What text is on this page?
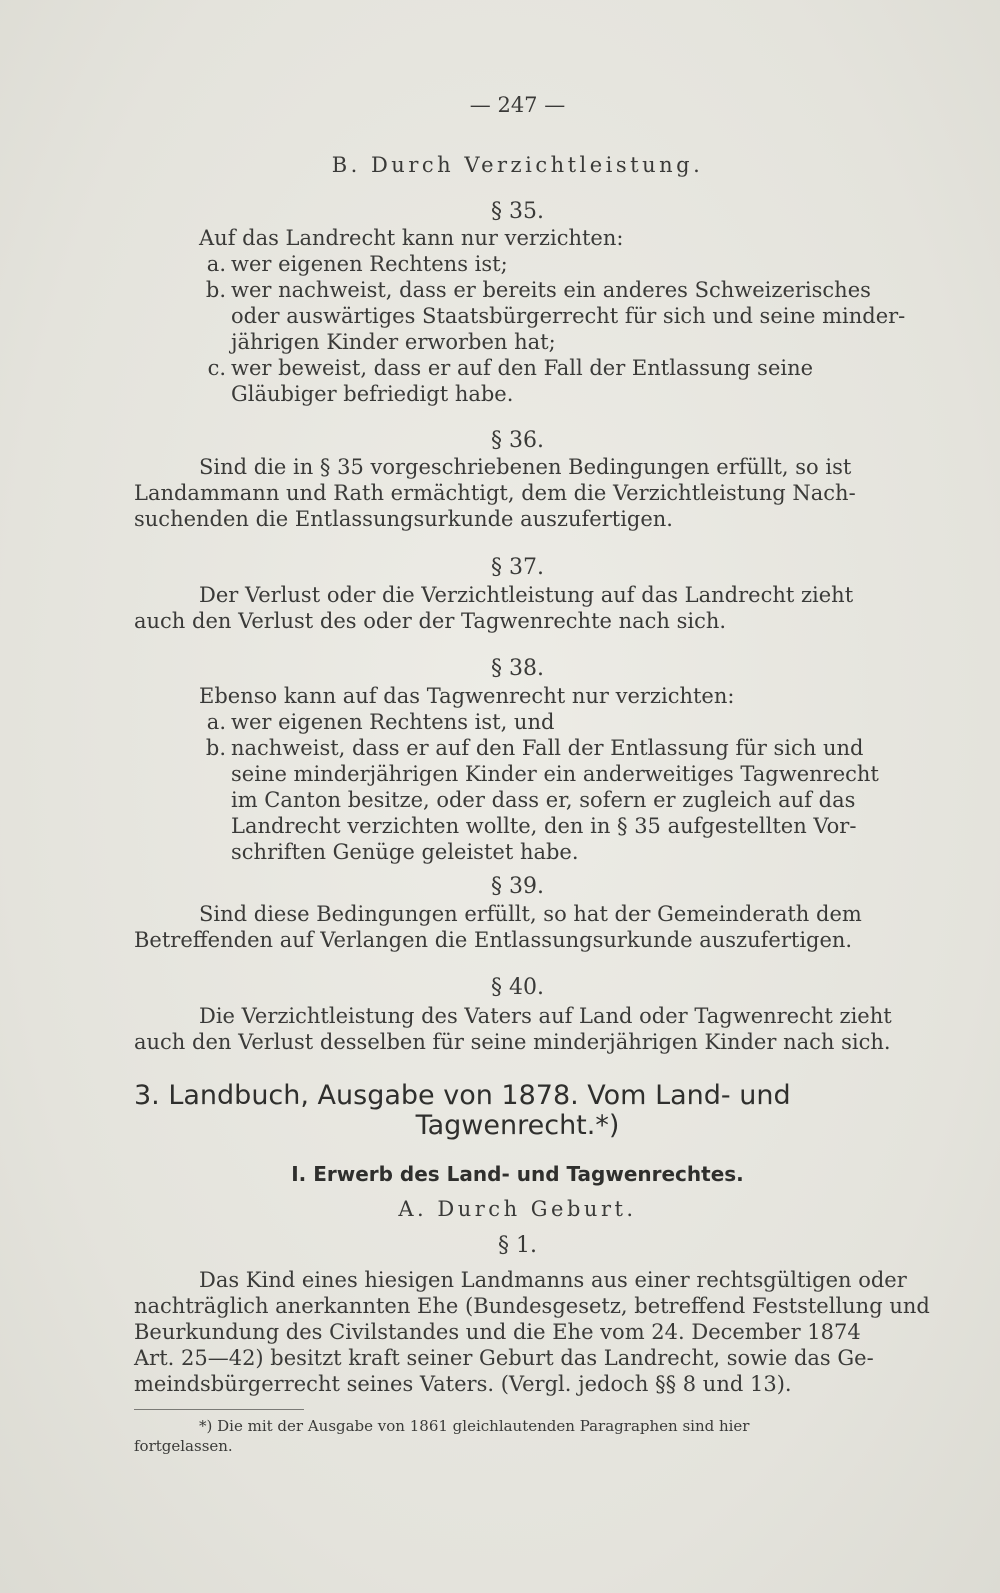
— 247 —
B. Durch Verzichtleistung.
§ 35.
Auf das Landrecht kann nur verzichten:
a. wer eigenen Rechtens ist;
b. wer nachweist, dass er bereits ein anderes Schweizerisches
oder auswärtiges Staatsbürgerrecht für sich und seine minder-
jährigen Kinder erworben hat;
c. wer beweist, dass er auf den Fall der Entlassung seine
Gläubiger befriedigt habe.
§ 36.
Sind die in § 35 vorgeschriebenen Bedingungen erfüllt, so ist
Landammann und Rath ermächtigt, dem die Verzichtleistung Nach-
suchenden die Entlassungsurkunde auszufertigen.
§ 37.
Der Verlust oder die Verzichtleistung auf das Landrecht zieht
auch den Verlust des oder der Tagwenrechte nach sich.
§ 38.
Ebenso kann auf das Tagwenrecht nur verzichten:
a. wer eigenen Rechtens ist, und
b. nachweist, dass er auf den Fall der Entlassung für sich und
seine minderjährigen Kinder ein anderweitiges Tagwenrecht
im Canton besitze, oder dass er, sofern er zugleich auf das
Landrecht verzichten wollte, den in § 35 aufgestellten Vor-
schriften Genüge geleistet habe.
§ 39.
Sind diese Bedingungen erfüllt, so hat der Gemeinderath dem
Betreffenden auf Verlangen die Entlassungsurkunde auszufertigen.
§ 40.
Die Verzichtleistung des Vaters auf Land oder Tagwenrecht zieht
auch den Verlust desselben für seine minderjährigen Kinder nach sich.
3. Landbuch, Ausgabe von 1878. Vom Land- und
Tagwenrecht.*)
I. Erwerb des Land- und Tagwenrechtes.
A. Durch Geburt.
§ 1.
Das Kind eines hiesigen Landmanns aus einer rechtsgültigen oder
nachträglich anerkannten Ehe (Bundesgesetz, betreffend Feststellung und
Beurkundung des Civilstandes und die Ehe vom 24. December 1874
Art. 25—42) besitzt kraft seiner Geburt das Landrecht, sowie das Ge-
meindsbürgerrecht seines Vaters. (Vergl. jedoch §§ 8 und 13).
*) Die mit der Ausgabe von 1861 gleichlautenden Paragraphen sind hier
fortgelassen.
